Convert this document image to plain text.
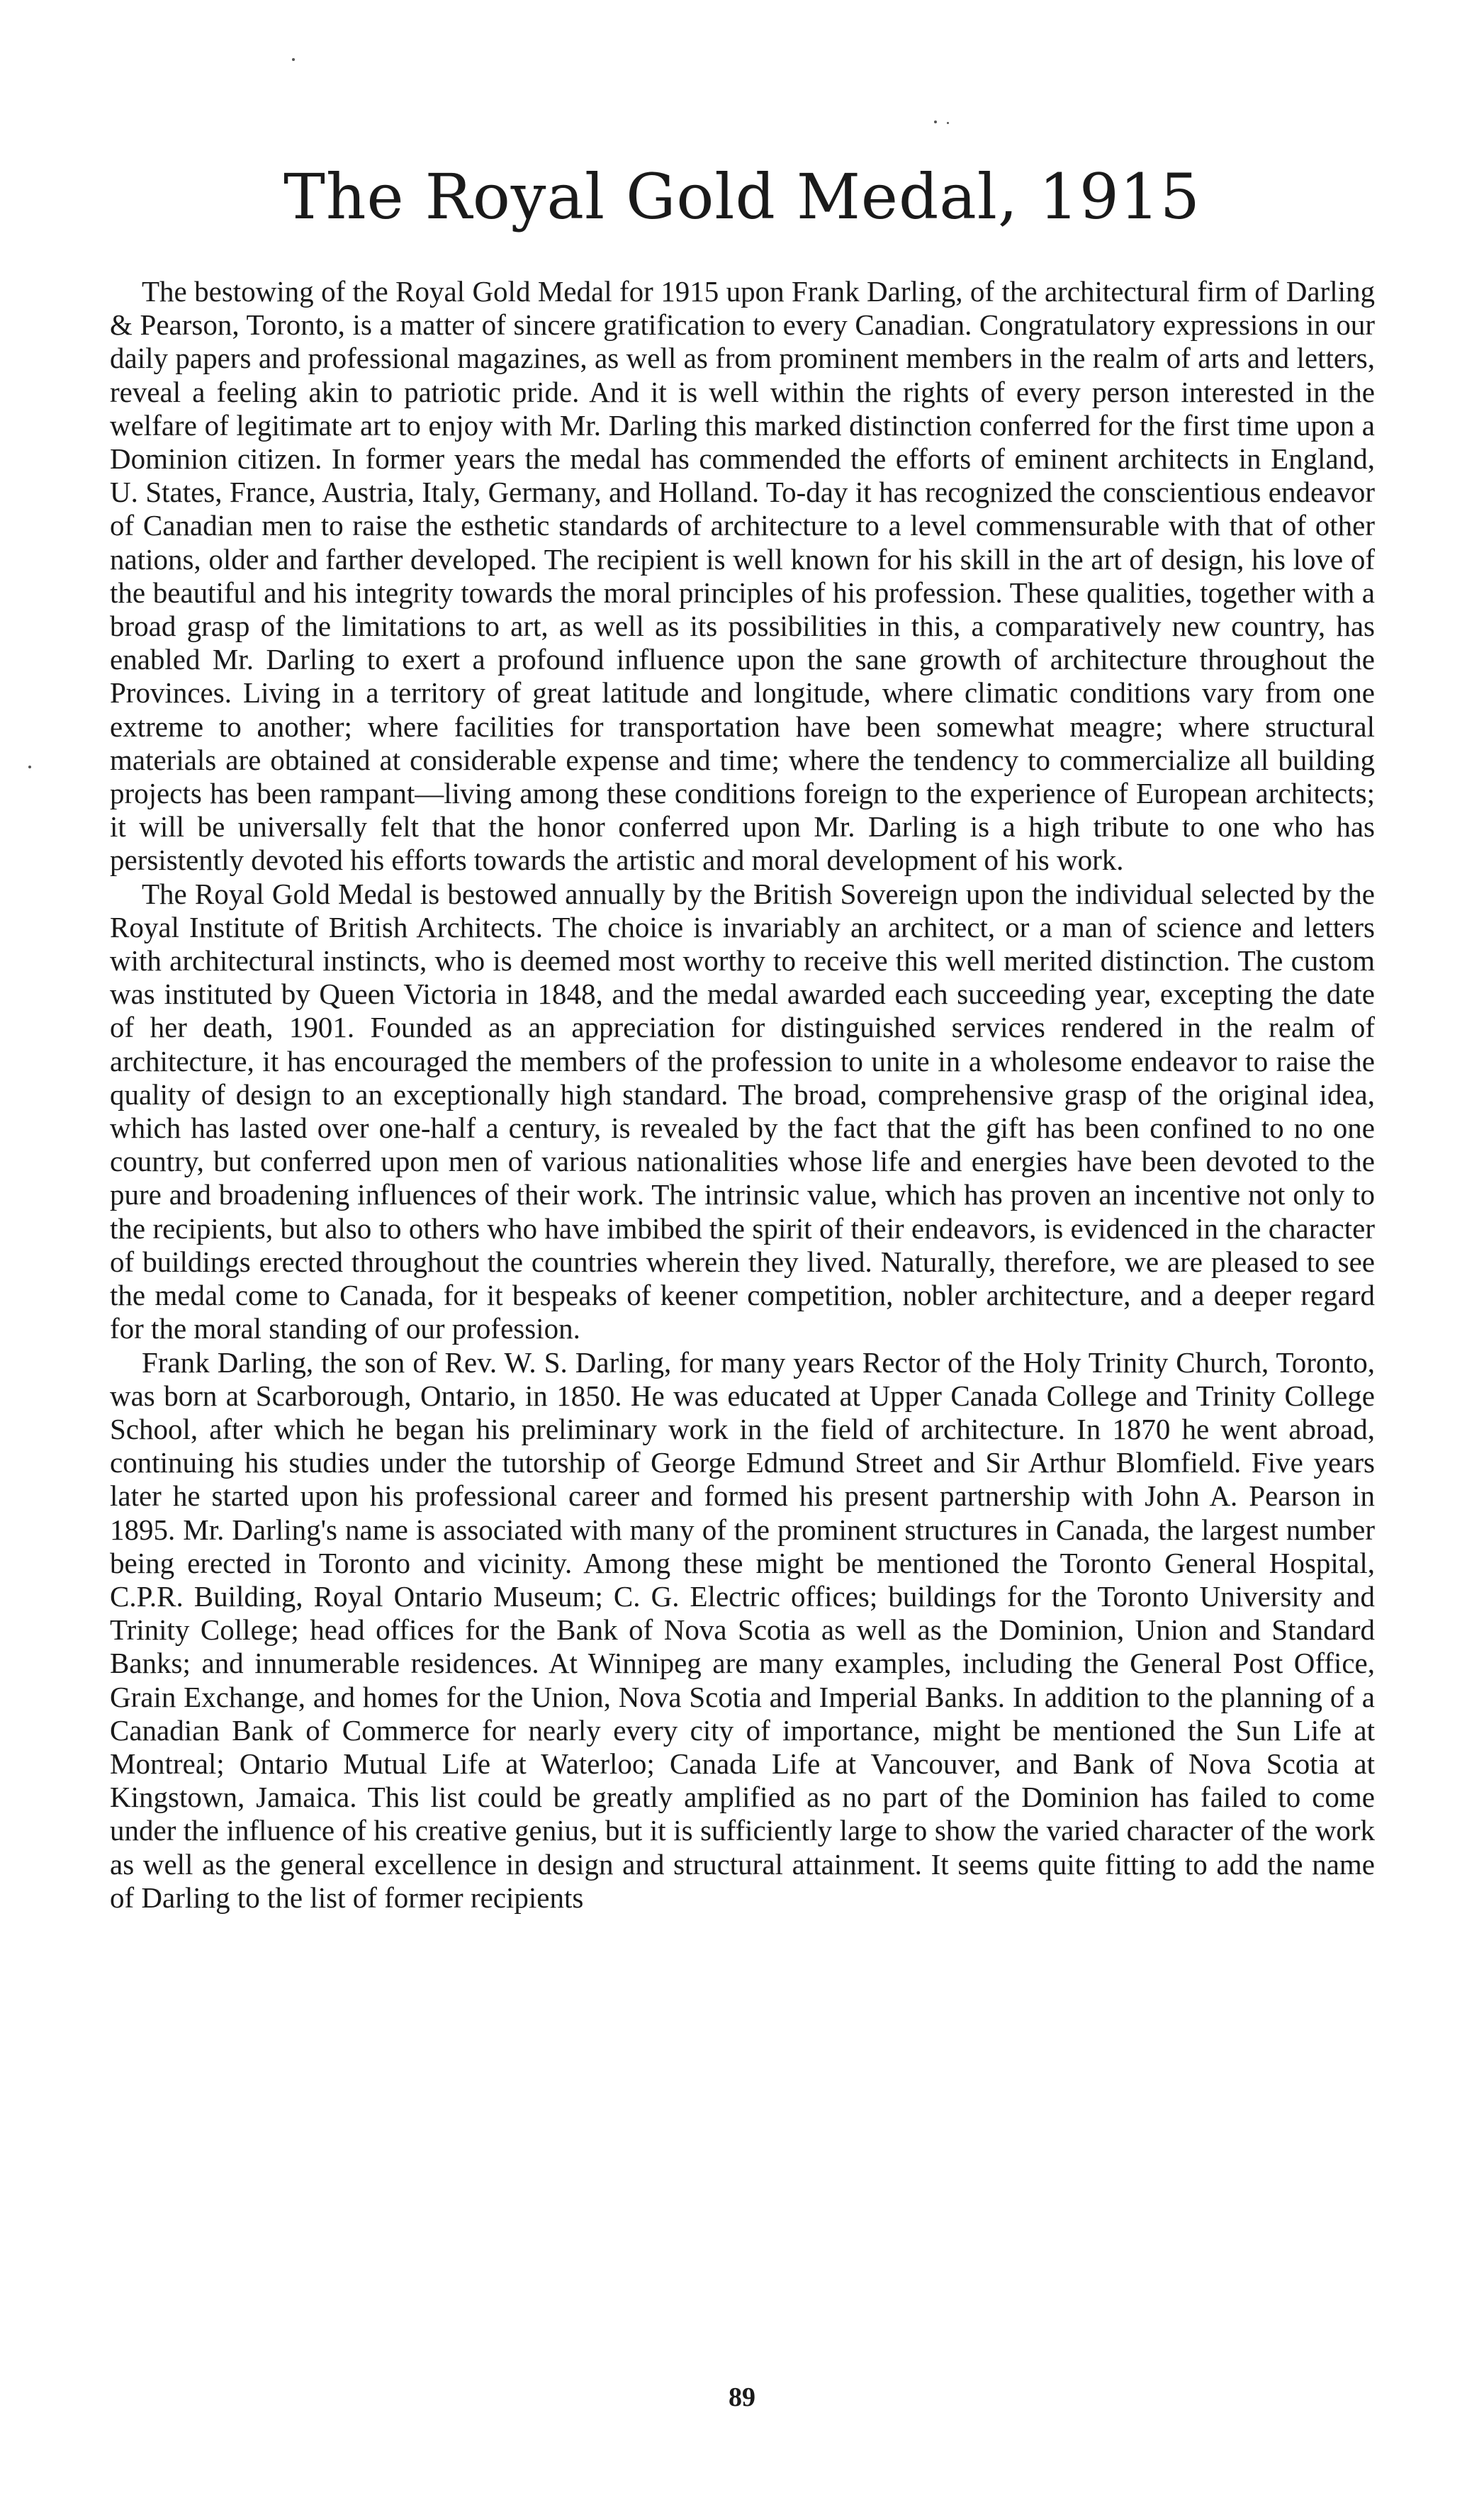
The Royal Gold Medal, 1915

The bestowing of the Royal Gold Medal for 1915 upon Frank Darling, of the architectural firm of Darling & Pearson, Toronto, is a matter of sincere gratification to every Canadian. Congratulatory expressions in our daily papers and professional magazines, as well as from prominent members in the realm of arts and letters, reveal a feeling akin to patriotic pride. And it is well within the rights of every person interested in the welfare of legitimate art to enjoy with Mr. Darling this marked distinction conferred for the first time upon a Dominion citizen. In former years the medal has commended the efforts of eminent architects in England, U. States, France, Austria, Italy, Germany, and Holland. To-day it has recognized the conscientious endeavor of Canadian men to raise the esthetic standards of architecture to a level commensurable with that of other nations, older and farther developed. The recipient is well known for his skill in the art of design, his love of the beautiful and his integrity towards the moral principles of his profession. These qualities, together with a broad grasp of the limitations to art, as well as its possibilities in this, a comparatively new country, has enabled Mr. Darling to exert a profound influence upon the sane growth of architecture throughout the Provinces. Living in a territory of great latitude and longitude, where climatic conditions vary from one extreme to another; where facilities for transportation have been somewhat meagre; where structural materials are obtained at considerable expense and time; where the tendency to commercialize all building projects has been rampant—living among these conditions foreign to the experience of European architects; it will be universally felt that the honor conferred upon Mr. Darling is a high tribute to one who has persistently devoted his efforts towards the artistic and moral development of his work.

The Royal Gold Medal is bestowed annually by the British Sovereign upon the individual selected by the Royal Institute of British Architects. The choice is invariably an architect, or a man of science and letters with architectural instincts, who is deemed most worthy to receive this well merited distinction. The custom was instituted by Queen Victoria in 1848, and the medal awarded each succeeding year, excepting the date of her death, 1901. Founded as an appreciation for distinguished services rendered in the realm of architecture, it has encouraged the members of the profession to unite in a wholesome endeavor to raise the quality of design to an exceptionally high standard. The broad, comprehensive grasp of the original idea, which has lasted over one-half a century, is revealed by the fact that the gift has been confined to no one country, but conferred upon men of various nationalities whose life and energies have been devoted to the pure and broadening influences of their work. The intrinsic value, which has proven an incentive not only to the recipients, but also to others who have imbibed the spirit of their endeavors, is evidenced in the character of buildings erected throughout the countries wherein they lived. Naturally, therefore, we are pleased to see the medal come to Canada, for it bespeaks of keener competition, nobler architecture, and a deeper regard for the moral standing of our profession.

Frank Darling, the son of Rev. W. S. Darling, for many years Rector of the Holy Trinity Church, Toronto, was born at Scarborough, Ontario, in 1850. He was educated at Upper Canada College and Trinity College School, after which he began his preliminary work in the field of architecture. In 1870 he went abroad, continuing his studies under the tutorship of George Edmund Street and Sir Arthur Blomfield. Five years later he started upon his professional career and formed his present partnership with John A. Pearson in 1895. Mr. Darling's name is associated with many of the prominent structures in Canada, the largest number being erected in Toronto and vicinity. Among these might be mentioned the Toronto General Hospital, C.P.R. Building, Royal Ontario Museum; C. G. Electric offices; buildings for the Toronto University and Trinity College; head offices for the Bank of Nova Scotia as well as the Dominion, Union and Standard Banks; and innumerable residences. At Winnipeg are many examples, including the General Post Office, Grain Exchange, and homes for the Union, Nova Scotia and Imperial Banks. In addition to the planning of a Canadian Bank of Commerce for nearly every city of importance, might be mentioned the Sun Life at Montreal; Ontario Mutual Life at Waterloo; Canada Life at Vancouver, and Bank of Nova Scotia at Kingstown, Jamaica. This list could be greatly amplified as no part of the Dominion has failed to come under the influence of his creative genius, but it is sufficiently large to show the varied character of the work as well as the general excellence in design and structural attainment. It seems quite fitting to add the name of Darling to the list of former recipients

89
